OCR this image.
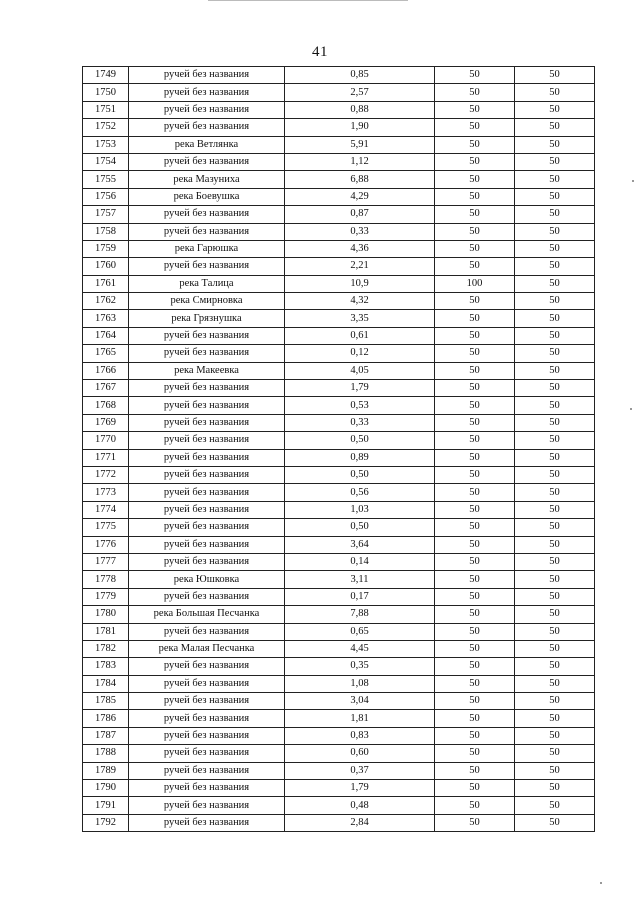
41
1749	ручей без названия	0,85	50	50
1750	ручей без названия	2,57	50	50
1751	ручей без названия	0,88	50	50
1752	ручей без названия	1,90	50	50
1753	река Ветлянка	5,91	50	50
1754	ручей без названия	1,12	50	50
1755	река Мазуниха	6,88	50	50
1756	река Боевушка	4,29	50	50
1757	ручей без названия	0,87	50	50
1758	ручей без названия	0,33	50	50
1759	река Гарюшка	4,36	50	50
1760	ручей без названия	2,21	50	50
1761	река Талица	10,9	100	50
1762	река Смирновка	4,32	50	50
1763	река Грязнушка	3,35	50	50
1764	ручей без названия	0,61	50	50
1765	ручей без названия	0,12	50	50
1766	река Макеевка	4,05	50	50
1767	ручей без названия	1,79	50	50
1768	ручей без названия	0,53	50	50
1769	ручей без названия	0,33	50	50
1770	ручей без названия	0,50	50	50
1771	ручей без названия	0,89	50	50
1772	ручей без названия	0,50	50	50
1773	ручей без названия	0,56	50	50
1774	ручей без названия	1,03	50	50
1775	ручей без названия	0,50	50	50
1776	ручей без названия	3,64	50	50
1777	ручей без названия	0,14	50	50
1778	река Юшковка	3,11	50	50
1779	ручей без названия	0,17	50	50
1780	река Большая Песчанка	7,88	50	50
1781	ручей без названия	0,65	50	50
1782	река Малая Песчанка	4,45	50	50
1783	ручей без названия	0,35	50	50
1784	ручей без названия	1,08	50	50
1785	ручей без названия	3,04	50	50
1786	ручей без названия	1,81	50	50
1787	ручей без названия	0,83	50	50
1788	ручей без названия	0,60	50	50
1789	ручей без названия	0,37	50	50
1790	ручей без названия	1,79	50	50
1791	ручей без названия	0,48	50	50
1792	ручей без названия	2,84	50	50
